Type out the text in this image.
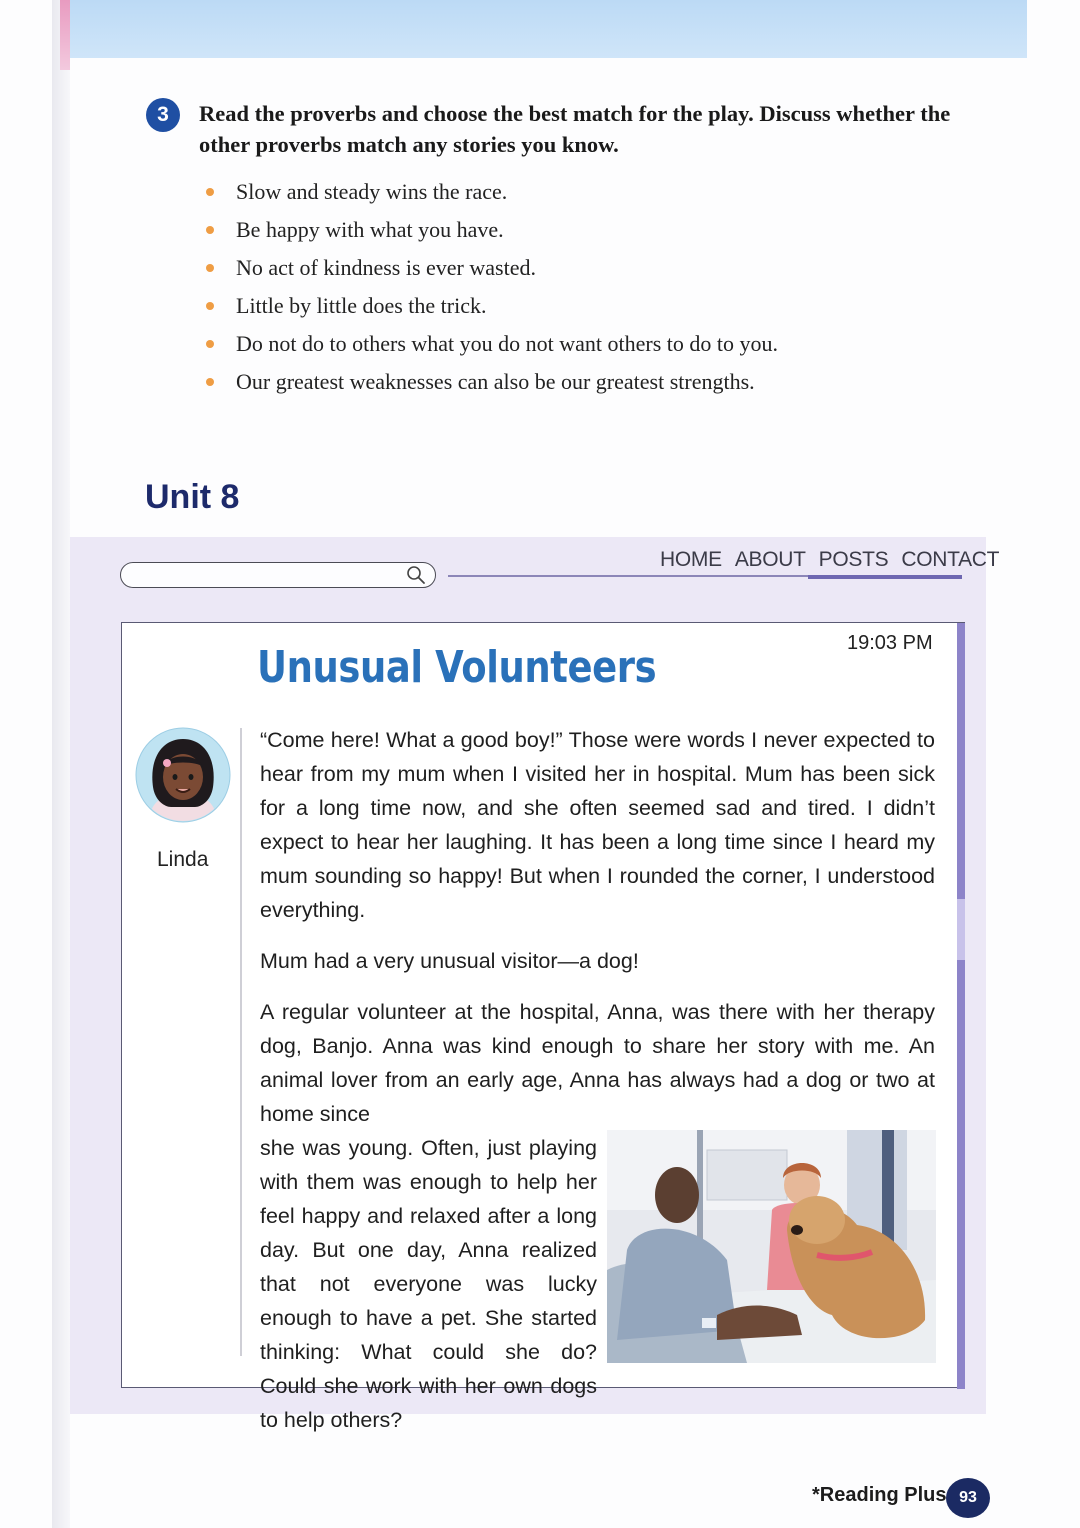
3	Read the proverbs and choose the best match for the play. Discuss whether the other proverbs match any stories you know.

Slow and steady wins the race.
Be happy with what you have.
No act of kindness is ever wasted.
Little by little does the trick.
Do not do to others what you do not want others to do to you.
Our greatest weaknesses can also be our greatest strengths.
Unit 8
HOME ABOUT POSTS CONTACT
19:03 PM
Unusual Volunteers
Linda

“Come here! What a good boy!” Those were words I never expected to hear from my mum when I visited her in hospital. Mum has been sick for a long time now, and she often seemed sad and tired. I didn’t expect to hear her laughing. It has been a long time since I heard my mum sounding so happy! But when I rounded the corner, I understood everything.

Mum had a very unusual visitor—a dog!

A regular volunteer at the hospital, Anna, was there with her therapy dog, Banjo. Anna was kind enough to share her story with me. An animal lover from an early age, Anna has always had a dog or two at home since

she was young. Often, just playing with them was enough to help her feel happy and relaxed after a long day. But one day, Anna realized that not everyone was lucky enough to have a pet. She started thinking: What could she do? Could she work with her own dogs to help others?

*Reading Plus 93
